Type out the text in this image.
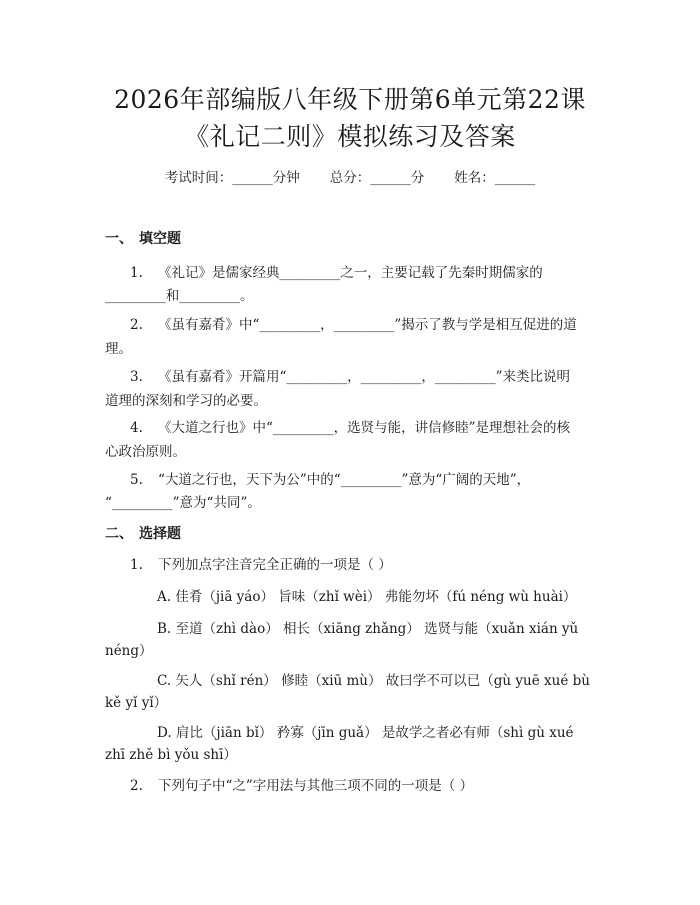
2026年部编版八年级下册第6单元第22课
《礼记二则》模拟练习及答案
考试时间：______分钟 总分：______分 姓名：______
一、 填空题
1. 《礼记》是儒家经典_________之一，主要记载了先秦时期儒家的
_________和_________。
2. 《虽有嘉肴》中“_________，_________”揭示了教与学是相互促进的道
理。
3. 《虽有嘉肴》开篇用“_________，_________，_________”来类比说明
道理的深刻和学习的必要。
4. 《大道之行也》中“_________，选贤与能，讲信修睦”是理想社会的核
心政治原则。
5. “大道之行也，天下为公”中的“_________”意为“广阔的天地”，
“_________”意为“共同”。
二、 选择题
1. 下列加点字注音完全正确的一项是（ ）
A. 佳肴（jiā yáo） 旨味（zhǐ wèi） 弗能勿坏（fú néng wù huài）
B. 至道（zhì dào） 相长（xiāng zhǎng） 选贤与能（xuǎn xián yǔ
néng）
C. 矢人（shǐ rén） 修睦（xiū mù） 故曰学不可以已（gù yuē xué bù
kě yǐ yǐ）
D. 肩比（jiān bǐ） 矜寡（jīn guǎ） 是故学之者必有师（shì gù xué
zhī zhě bì yǒu shī）
2. 下列句子中“之”字用法与其他三项不同的一项是（ ）
